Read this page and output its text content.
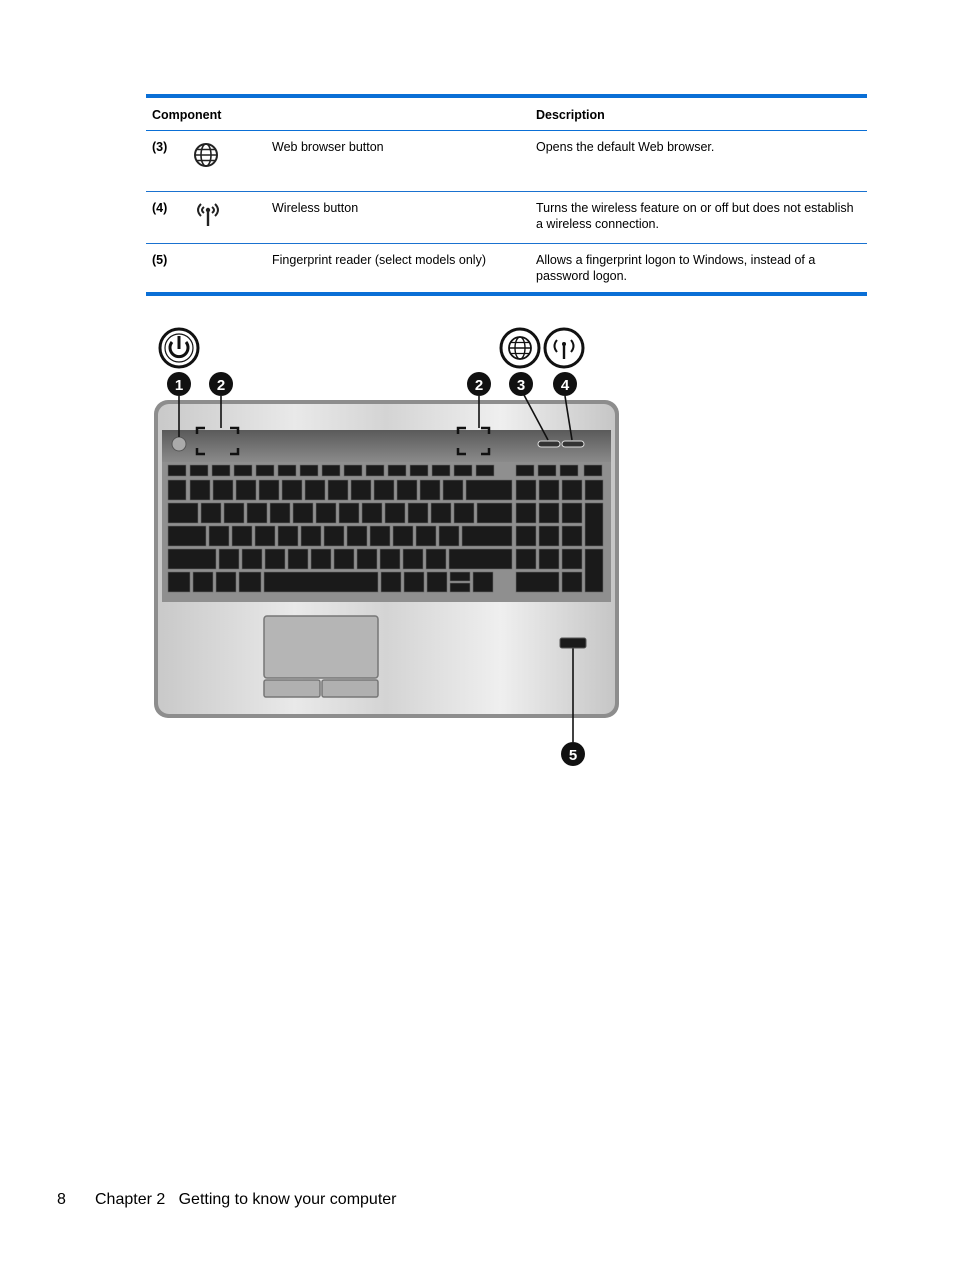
Component			Description
(3)		Web browser button	Opens the default Web browser.
(4)		Wireless button	Turns the wireless feature on or off but does not establish a wireless connection.
(5)		Fingerprint reader (select models only)	Allows a fingerprint logon to Windows, instead of a password logon.
1 2	2 3 4
5
8 Chapter 2   Getting to know your computer
